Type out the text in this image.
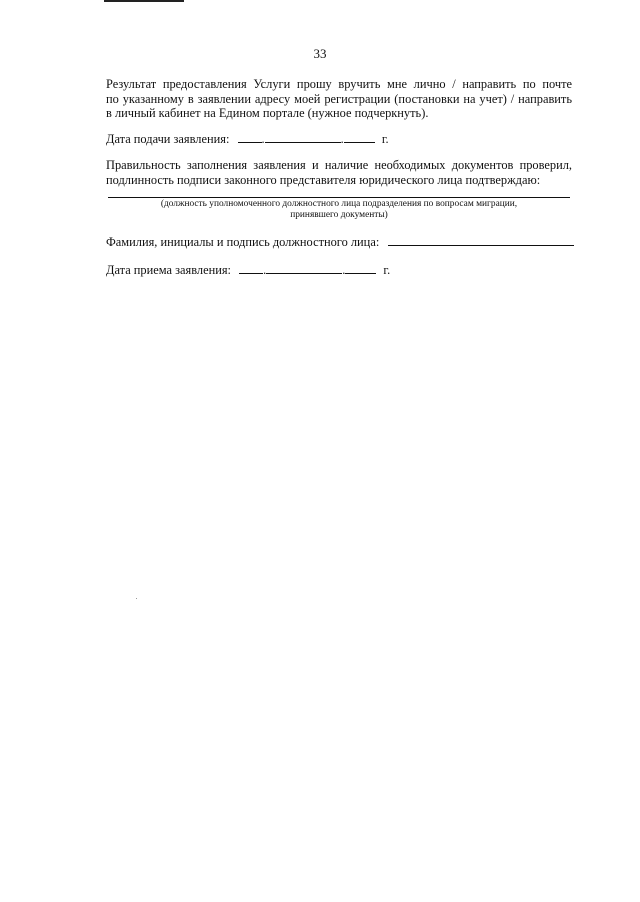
33
Результат предоставления Услуги прошу вручить мне лично / направить по почте
по указанному в заявлении адресу моей регистрации (постановки на учет) / направить
в личный кабинет на Едином портале (нужное подчеркнуть).
Дата подачи заявления:	.	.	г.
Правильность заполнения заявления и наличие необходимых документов проверил,
подлинность подписи законного представителя юридического лица подтверждаю:
(должность уполномоченного должностного лица подразделения по вопросам миграции,
принявшего документы)
Фамилия, инициалы и подпись должностного лица:
Дата приема заявления:	.	.	г.
